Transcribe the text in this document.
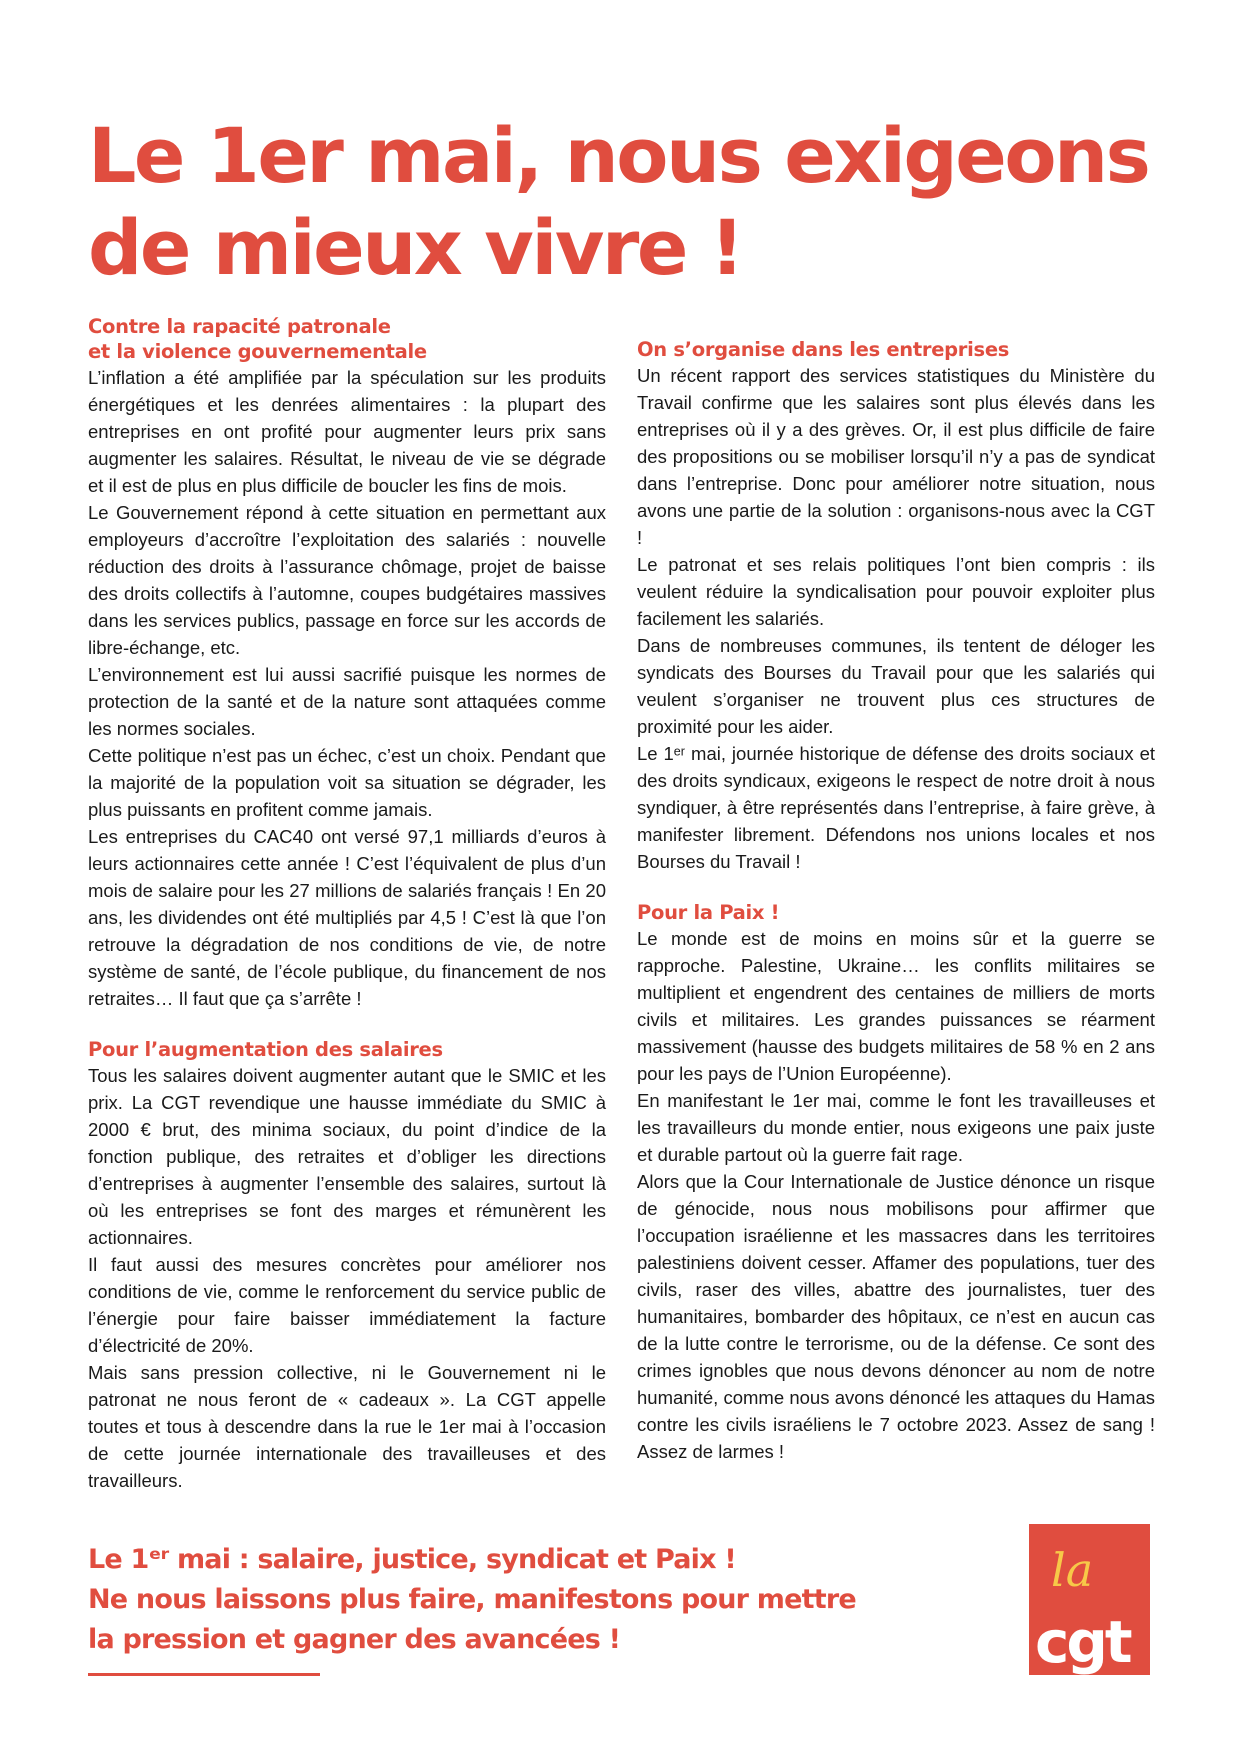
Le 1er mai, nous exigeons
de mieux vivre !
Contre la rapacité patronale
et la violence gouvernementale

L’inflation a été amplifiée par la spéculation sur les produits énergétiques et les denrées alimentaires : la plupart des entreprises en ont profité pour augmenter leurs prix sans augmenter les salaires. Résultat, le niveau de vie se dégrade et il est de plus en plus difficile de boucler les fins de mois.

Le Gouvernement répond à cette situation en permettant aux employeurs d’accroître l’exploitation des salariés : nouvelle réduction des droits à l’assurance chômage, projet de baisse des droits collectifs à l’automne, coupes budgétaires massives dans les services publics, passage en force sur les accords de libre-échange, etc.

L’environnement est lui aussi sacrifié puisque les normes de protection de la santé et de la nature sont attaquées comme les normes sociales.

Cette politique n’est pas un échec, c’est un choix. Pendant que la majorité de la population voit sa situation se dégrader, les plus puissants en profitent comme jamais.

Les entreprises du CAC40 ont versé 97,1 milliards d’euros à leurs actionnaires cette année ! C’est l’équivalent de plus d’un mois de salaire pour les 27 millions de salariés français ! En 20 ans, les dividendes ont été multipliés par 4,5 ! C’est là que l’on retrouve la dégradation de nos conditions de vie, de notre système de santé, de l’école publique, du financement de nos retraites… Il faut que ça s’arrête !

Pour l’augmentation des salaires

Tous les salaires doivent augmenter autant que le SMIC et les prix. La CGT revendique une hausse immédiate du SMIC à 2000 € brut, des minima sociaux, du point d’indice de la fonction publique, des retraites et d’obliger les directions d’entreprises à augmenter l’ensemble des salaires, surtout là où les entreprises se font des marges et rémunèrent les actionnaires.

Il faut aussi des mesures concrètes pour améliorer nos conditions de vie, comme le renforcement du service public de l’énergie pour faire baisser immédiatement la facture d’électricité de 20%.

Mais sans pression collective, ni le Gouvernement ni le patronat ne nous feront de « cadeaux ». La CGT appelle toutes et tous à descendre dans la rue le 1er mai à l’occasion de cette journée internationale des travailleuses et des travailleurs.

On s’organise dans les entreprises

Un récent rapport des services statistiques du Ministère du Travail confirme que les salaires sont plus élevés dans les entreprises où il y a des grèves. Or, il est plus difficile de faire des propositions ou se mobiliser lorsqu’il n’y a pas de syndicat dans l’entreprise. Donc pour améliorer notre situation, nous avons une partie de la solution : organisons-nous avec la CGT !

Le patronat et ses relais politiques l’ont bien compris : ils veulent réduire la syndicalisation pour pouvoir exploiter plus facilement les salariés.

Dans de nombreuses communes, ils tentent de déloger les syndicats des Bourses du Travail pour que les salariés qui veulent s’organiser ne trouvent plus ces structures de proximité pour les aider.

Le 1ᵉʳ mai, journée historique de défense des droits sociaux et des droits syndicaux, exigeons le respect de notre droit à nous syndiquer, à être représentés dans l’entreprise, à faire grève, à manifester librement. Défendons nos unions locales et nos Bourses du Travail !

Pour la Paix !

Le monde est de moins en moins sûr et la guerre se rapproche. Palestine, Ukraine… les conflits militaires se multiplient et engendrent des centaines de milliers de morts civils et militaires. Les grandes puissances se réarment massivement (hausse des budgets militaires de 58 % en 2 ans pour les pays de l’Union Européenne).

En manifestant le 1er mai, comme le font les travailleuses et les travailleurs du monde entier, nous exigeons une paix juste et durable partout où la guerre fait rage.

Alors que la Cour Internationale de Justice dénonce un risque de génocide, nous nous mobilisons pour affirmer que l’occupation israélienne et les massacres dans les territoires palestiniens doivent cesser. Affamer des populations, tuer des civils, raser des villes, abattre des journalistes, tuer des humanitaires, bombarder des hôpitaux, ce n’est en aucun cas de la lutte contre le terrorisme, ou de la défense. Ce sont des crimes ignobles que nous devons dénoncer au nom de notre humanité, comme nous avons dénoncé les attaques du Hamas contre les civils israéliens le 7 octobre 2023. Assez de sang ! Assez de larmes !

Le 1ᵉʳ mai : salaire, justice, syndicat et Paix !
Ne nous laissons plus faire, manifestons pour mettre
la pression et gagner des avancées !
la
cgt
